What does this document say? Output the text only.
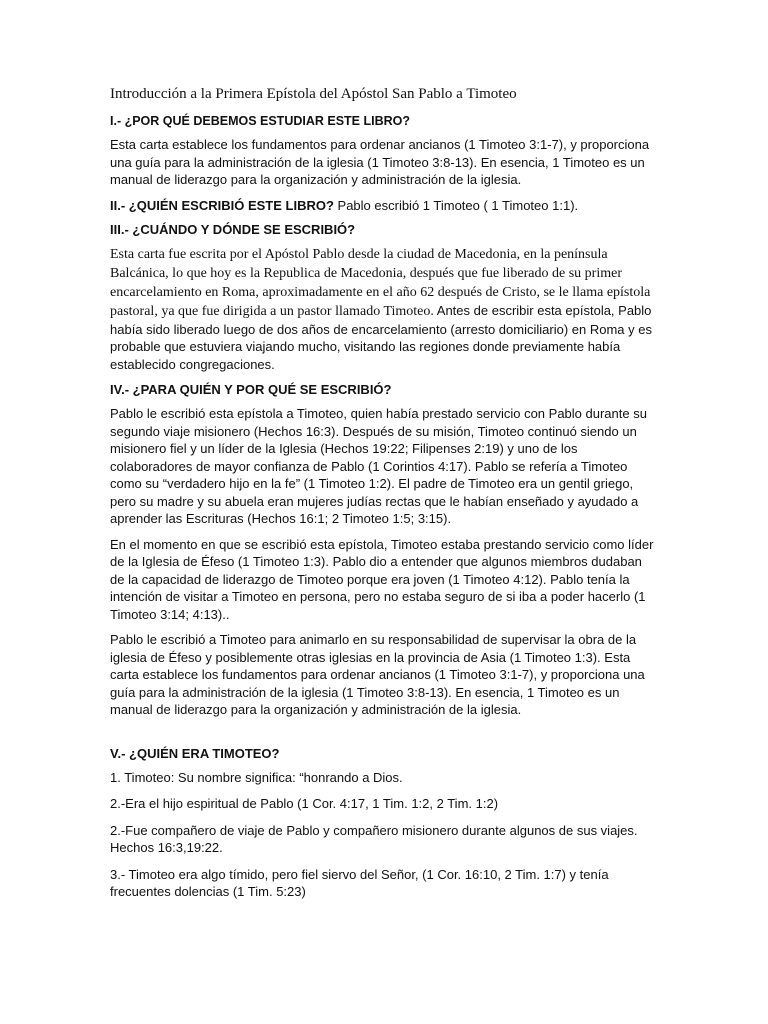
Introducción a la Primera Epístola del Apóstol San Pablo a Timoteo
I.- ¿POR QUÉ DEBEMOS ESTUDIAR ESTE LIBRO?

Esta carta establece los fundamentos para ordenar ancianos (1 Timoteo 3:1-7), y proporciona una guía para la administración de la iglesia (1 Timoteo 3:8-13). En esencia, 1 Timoteo es un manual de liderazgo para la organización y administración de la iglesia.

II.- ¿QUIÉN ESCRIBIÓ ESTE LIBRO? Pablo escribió 1 Timoteo ( 1 Timoteo 1:1).

III.- ¿CUÁNDO Y DÓNDE SE ESCRIBIÓ?

Esta carta fue escrita por el Apóstol Pablo desde la ciudad de Macedonia, en la península Balcánica, lo que hoy es la Republica de Macedonia, después que fue liberado de su primer encarcelamiento en Roma, aproximadamente en el año 62 después de Cristo, se le llama epístola pastoral, ya que fue dirigida a un pastor llamado Timoteo. Antes de escribir esta epístola, Pablo había sido liberado luego de dos años de encarcelamiento (arresto domiciliario) en Roma y es probable que estuviera viajando mucho, visitando las regiones donde previamente había establecido congregaciones.

IV.- ¿PARA QUIÉN Y POR QUÉ SE ESCRIBIÓ?

Pablo le escribió esta epístola a Timoteo, quien había prestado servicio con Pablo durante su segundo viaje misionero (Hechos 16:3). Después de su misión, Timoteo continuó siendo un misionero fiel y un líder de la Iglesia (Hechos 19:22; Filipenses 2:19) y uno de los colaboradores de mayor confianza de Pablo (1 Corintios 4:17). Pablo se refería a Timoteo como su “verdadero hijo en la fe” (1 Timoteo 1:2). El padre de Timoteo era un gentil griego, pero su madre y su abuela eran mujeres judías rectas que le habían enseñado y ayudado a aprender las Escrituras (Hechos 16:1; 2 Timoteo 1:5; 3:15).

En el momento en que se escribió esta epístola, Timoteo estaba prestando servicio como líder de la Iglesia de Éfeso (1 Timoteo 1:3). Pablo dio a entender que algunos miembros dudaban de la capacidad de liderazgo de Timoteo porque era joven (1 Timoteo 4:12). Pablo tenía la intención de visitar a Timoteo en persona, pero no estaba seguro de si iba a poder hacerlo (1 Timoteo 3:14; 4:13)..

Pablo le escribió a Timoteo para animarlo en su responsabilidad de supervisar la obra de la iglesia de Éfeso y posiblemente otras iglesias en la provincia de Asia (1 Timoteo 1:3). Esta carta establece los fundamentos para ordenar ancianos (1 Timoteo 3:1-7), y proporciona una guía para la administración de la iglesia (1 Timoteo 3:8-13). En esencia, 1 Timoteo es un manual de liderazgo para la organización y administración de la iglesia.

V.- ¿QUIÉN ERA TIMOTEO?

1. Timoteo: Su nombre significa: “honrando a Dios.

2.-Era el hijo espiritual de Pablo (1 Cor. 4:17, 1 Tim. 1:2, 2 Tim. 1:2)

2.-Fue compañero de viaje de Pablo y compañero misionero durante algunos de sus viajes. Hechos 16:3,19:22.

3.- Timoteo era algo tímido, pero fiel siervo del Señor, (1 Cor. 16:10, 2 Tim. 1:7) y tenía frecuentes dolencias (1 Tim. 5:23)
